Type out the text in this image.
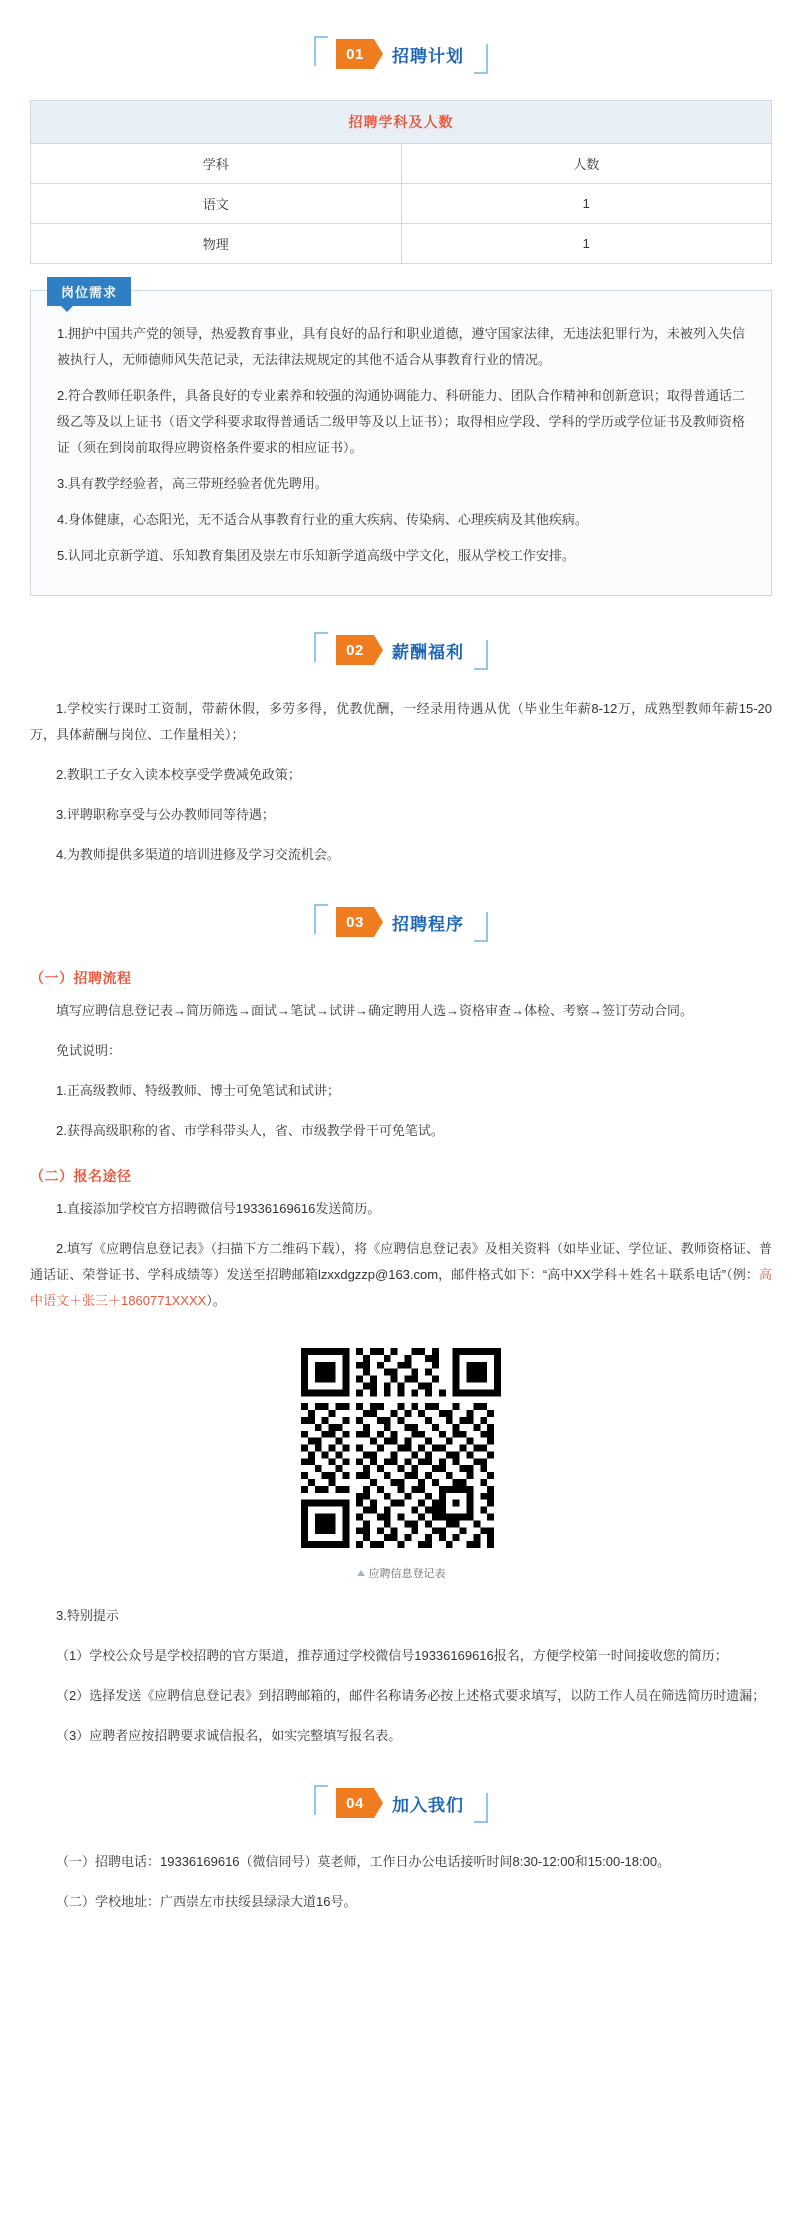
01	招聘计划
招聘学科及人数	
学科	人数
语文	1
物理	1
岗位需求

1.拥护中国共产党的领导，热爱教育事业，具有良好的品行和职业道德，遵守国家法律，无违法犯罪行为，未被列入失信被执行人，无师德师风失范记录，无法律法规规定的其他不适合从事教育行业的情况。

2.符合教师任职条件，具备良好的专业素养和较强的沟通协调能力、科研能力、团队合作精神和创新意识；取得普通话二级乙等及以上证书（语文学科要求取得普通话二级甲等及以上证书）；取得相应学段、学科的学历或学位证书及教师资格证（须在到岗前取得应聘资格条件要求的相应证书）。

3.具有教学经验者，高三带班经验者优先聘用。

4.身体健康，心态阳光，无不适合从事教育行业的重大疾病、传染病、心理疾病及其他疾病。

5.认同北京新学道、乐知教育集团及崇左市乐知新学道高级中学文化，服从学校工作安排。

02	薪酬福利

1.学校实行课时工资制，带薪休假，多劳多得，优教优酬，一经录用待遇从优（毕业生年薪8-12万，成熟型教师年薪15-20万，具体薪酬与岗位、工作量相关）；

2.教职工子女入读本校享受学费减免政策；

3.评聘职称享受与公办教师同等待遇；

4.为教师提供多渠道的培训进修及学习交流机会。

03	招聘程序
（一）招聘流程

填写应聘信息登记表→简历筛选→面试→笔试→试讲→确定聘用人选→资格审查→体检、考察→签订劳动合同。

免试说明：

1.正高级教师、特级教师、博士可免笔试和试讲；

2.获得高级职称的省、市学科带头人，省、市级教学骨干可免笔试。

（二）报名途径

1.直接添加学校官方招聘微信号19336169616发送简历。

2.填写《应聘信息登记表》（扫描下方二维码下载），将《应聘信息登记表》及相关资料（如毕业证、学位证、教师资格证、普通话证、荣誉证书、学科成绩等）发送至招聘邮箱lzxxdgzzp@163.com，邮件格式如下：“高中XX学科＋姓名＋联系电话”（例：高中语文＋张三＋1860771XXXX）。

应聘信息登记表

3.特别提示

（1）学校公众号是学校招聘的官方渠道，推荐通过学校微信号19336169616报名，方便学校第一时间接收您的简历；

（2）选择发送《应聘信息登记表》到招聘邮箱的，邮件名称请务必按上述格式要求填写，以防工作人员在筛选简历时遗漏；

（3）应聘者应按招聘要求诚信报名，如实完整填写报名表。

04	加入我们

（一）招聘电话：19336169616（微信同号）莫老师，工作日办公电话接听时间8:30-12:00和15:00-18:00。

（二）学校地址：广西崇左市扶绥县绿渌大道16号。
